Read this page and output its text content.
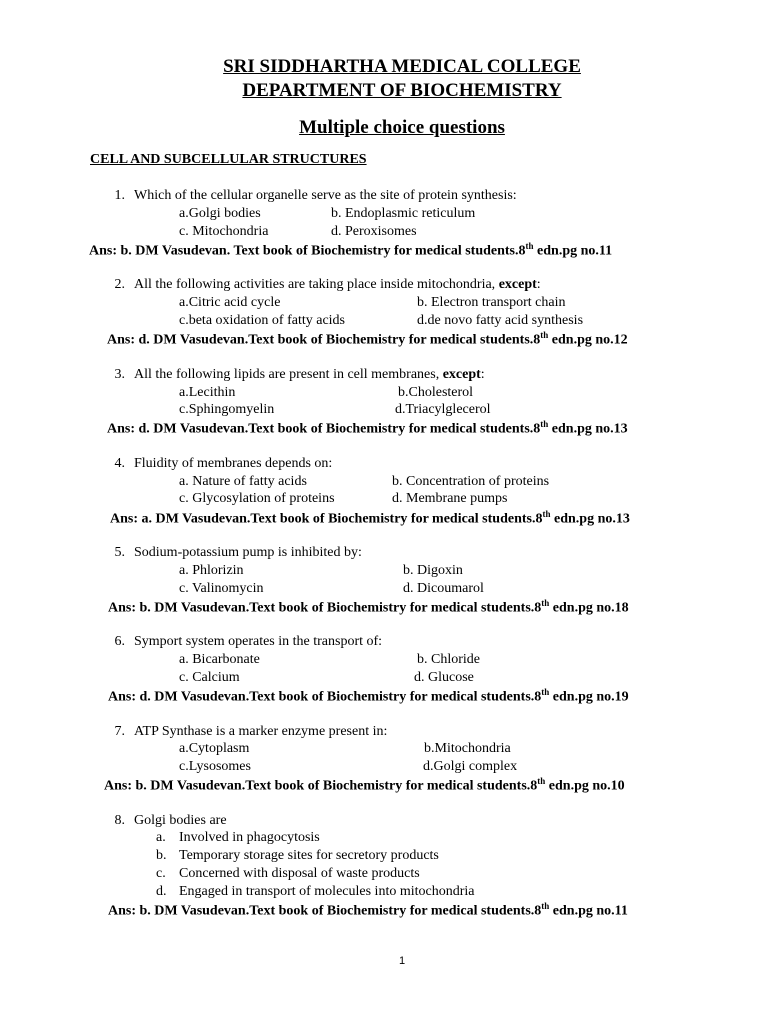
SRI SIDDHARTHA MEDICAL COLLEGE
DEPARTMENT OF BIOCHEMISTRY
Multiple choice questions
CELL AND SUBCELLULAR STRUCTURES
1. Which of the cellular organelle serve as the site of protein synthesis:
a.Golgi bodies	b. Endoplasmic reticulum
c. Mitochondria	d. Peroxisomes
Ans: b. DM Vasudevan. Text book of Biochemistry for medical students.8th edn.pg no.11
2. All the following activities are taking place inside mitochondria, except:
a.Citric acid cycle	b. Electron transport chain
c.beta oxidation of fatty acids	d.de novo fatty acid synthesis
Ans: d. DM Vasudevan.Text book of Biochemistry for medical students.8th edn.pg no.12
3. All the following lipids are present in cell membranes, except:
a.Lecithin	b.Cholesterol
c.Sphingomyelin	d.Triacylglecerol
Ans: d. DM Vasudevan.Text book of Biochemistry for medical students.8th edn.pg no.13
4. Fluidity of membranes depends on:
a. Nature of fatty acids	b. Concentration of proteins
c. Glycosylation of proteins	d. Membrane pumps
Ans: a. DM Vasudevan.Text book of Biochemistry for medical students.8th edn.pg no.13
5. Sodium-potassium pump is inhibited by:
a. Phlorizin	b. Digoxin
c. Valinomycin	d. Dicoumarol
Ans: b. DM Vasudevan.Text book of Biochemistry for medical students.8th edn.pg no.18
6. Symport system operates in the transport of:
a. Bicarbonate	b. Chloride
c. Calcium	d. Glucose
Ans: d. DM Vasudevan.Text book of Biochemistry for medical students.8th edn.pg no.19
7. ATP Synthase is a marker enzyme present in:
a.Cytoplasm	b.Mitochondria
c.Lysosomes	d.Golgi complex
Ans: b. DM Vasudevan.Text book of Biochemistry for medical students.8th edn.pg no.10
8. Golgi bodies are
a. Involved in phagocytosis
b. Temporary storage sites for secretory products
c. Concerned with disposal of waste products
d. Engaged in transport of molecules into mitochondria
Ans: b. DM Vasudevan.Text book of Biochemistry for medical students.8th edn.pg no.11
1
